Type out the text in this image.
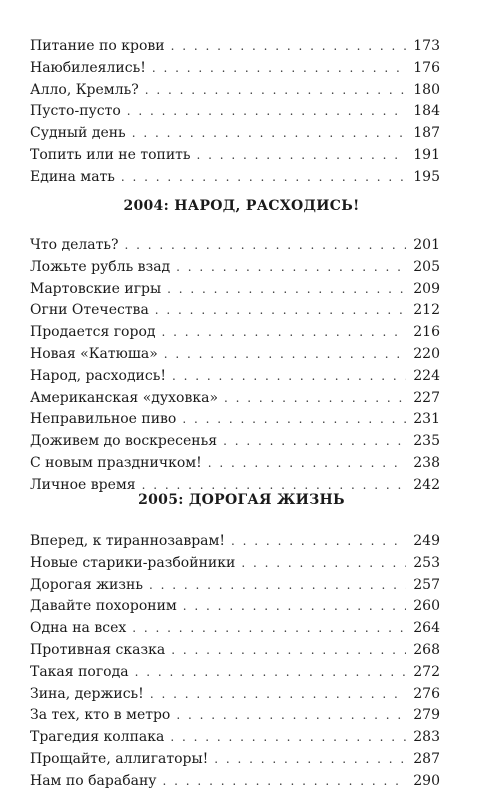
Питание по крови . . .	173
Наюбилеялись! . . .	176
Алло, Кремль? . . .	180
Пусто-пусто . . .	184
Судный день . . .	187
Топить или не топить . . .	191
Едина мать . . .	195
2004: НАРОД, РАСХОДИСЬ!
Что делать? . . .	201
Ложьте рубль взад . . .	205
Мартовские игры . . .	209
Огни Отечества . . .	212
Продается город . . .	216
Новая «Катюша» . . .	220
Народ, расходись! . . .	224
Американская «духовка» . . .	227
Неправильное пиво . . .	231
Доживем до воскресенья . . .	235
С новым праздничком! . . .	238
Личное время . . .	242
2005: ДОРОГАЯ ЖИЗНЬ
Вперед, к тираннозаврам! . . .	249
Новые старики-разбойники . . .	253
Дорогая жизнь . . .	257
Давайте похороним . . .	260
Одна на всех . . .	264
Противная сказка . . .	268
Такая погода . . .	272
Зина, держись! . . .	276
За тех, кто в метро . . .	279
Трагедия колпака . . .	283
Прощайте, аллигаторы! . . .	287
Нам по барабану . . .	290
